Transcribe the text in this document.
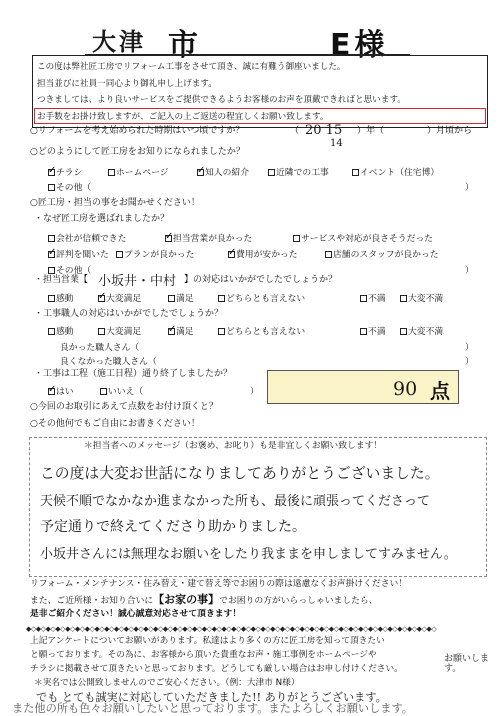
大津 市	E様
この度は弊社匠工房でリフォーム工事をさせて頂き、誠に有難う御座いました。
担当並びに社員一同心より御礼申し上げます。
つきましては、より良いサービスをご提供できるようお客様のお声を頂戴できればと思います。
お手数をお掛け致しますが、ご記入の上ご返送の程宜しくお願い致します。
○リフォームを考え始められた時期はいつ頃ですか？	（ 20 15
14
）年（	）月頃から
○どのようにして匠工房をお知りになられましたか？
✓チラシ	ホームページ ✓	知人の紹介	近隣での工事	イベント（住宅博）
その他（	）
○匠工房・担当の事をお聞かせください！
・なぜ匠工房を選ばれましたか？
会社が信頼できた ✓	担当営業が良かった	サービスや対応が良さそうだった
✓評判を聞いた	プランが良かった ✓	費用が安かった	店舗のスタッフが良かった
その他（	）
・担当営業【 小坂井・中村 】の対応はいかがでしたでしょうか？
感動 ✓	大変満足	満足	どちらとも言えない	不満	大変不満
・工事職人の対応はいかがでしたでしょうか？
感動	大変満足 ✓	満足	どちらとも言えない	不満	大変不満
良かった職人さん（	）
良くなかった職人さん（	）
・工事は工程（施工日程）通り終了しましたか？
✓はい	いいえ（	）
○今回のお取引にあえて点数をお付け頂くと？
90 点
○その他何でもご自由にお書きください！
＊担当者へのメッセージ（お褒め、お叱り）も是非宜しくお願い致します！
この度は大変お世話になりましてありがとうございました。
天候不順でなかなか進まなかった所も、最後に頑張ってくださって
予定通りで終えてくださり助かりました。
小坂井さんには無理なお願いをしたり我ままを申しましてすみません。
リフォーム・メンテナンス・住み替え・建て替え等でお困りの際は遠慮なくお声掛けください！
また、ご近所様・お知り合いに【お家の事】でお困りの方がいらっしゃいましたら、
是非ご紹介ください！誠心誠意対応させて頂きます！
◆◇◆◇◆◇◆◇◆◇◆◇◆◇◆◇◆◇◆◇◆◇◆◇◆◇◆◇◆◇◆◇◆◇◆◇◆◇◆◇◆◇◆◇◆◇◆◇◆◇◆◇◆◇◆◇◆◇◆◇◆◇◆◇◆◇◆◇◆◇◆◇◆◇◆◇◆◇◆◇◆◇◆◇
上記アンケートについてお願いがあります。私達はより多くの方に匠工房を知って頂きたい
と願っております。その為に、お客様から頂いた貴重なお声・施工事例をホームページや
チラシに掲載させて頂きたいと思っております。どうしても厳しい場合はお申し付けください。
＊実名では公開致しませんのでご安心ください。（例：大津市 N様）
お願いします。
でも とても誠実に対応していただきました!! ありがとうございます。
また他の所も色々お願いしたいと思っております。またよろしくお願いします。
